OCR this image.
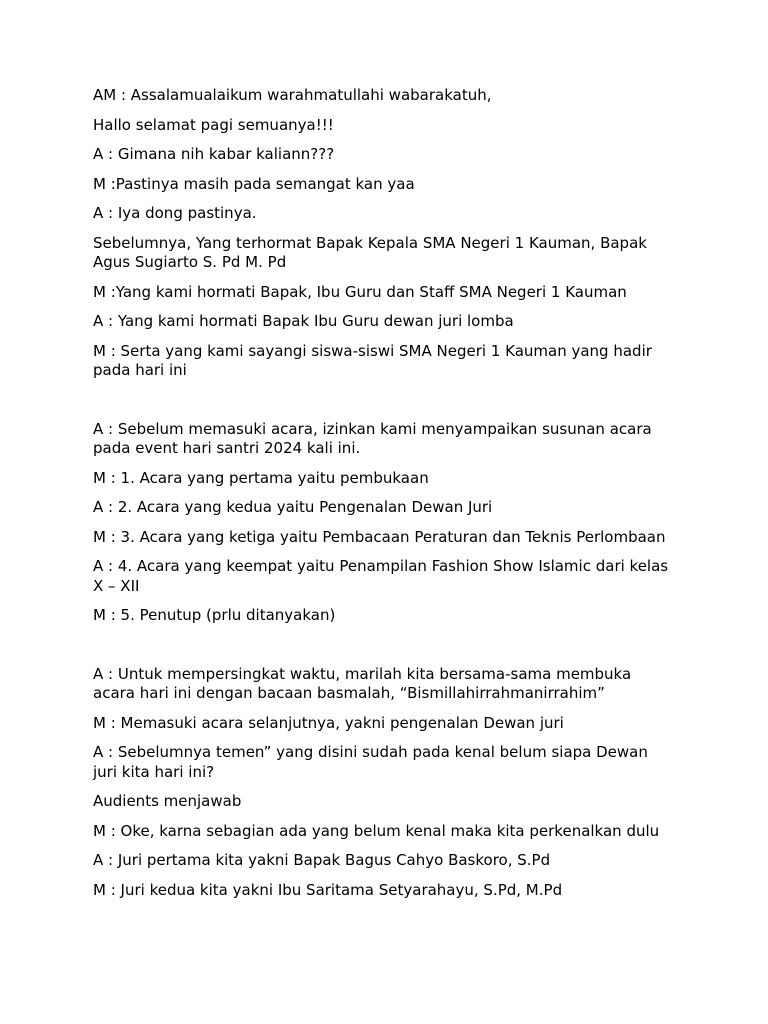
AM : Assalamualaikum warahmatullahi wabarakatuh,

Hallo selamat pagi semuanya!!!

A : Gimana nih kabar kaliann???

M :Pastinya masih pada semangat kan yaa

A : Iya dong pastinya.

Sebelumnya, Yang terhormat Bapak Kepala SMA Negeri 1 Kauman, Bapak Agus Sugiarto S. Pd M. Pd

M :Yang kami hormati Bapak, Ibu Guru dan Staff SMA Negeri 1 Kauman

A : Yang kami hormati Bapak Ibu Guru dewan juri lomba

M : Serta yang kami sayangi siswa-siswi SMA Negeri 1 Kauman yang hadir pada hari ini

A : Sebelum memasuki acara, izinkan kami menyampaikan susunan acara pada event hari santri 2024 kali ini.

M : 1. Acara yang pertama yaitu pembukaan

A : 2. Acara yang kedua yaitu Pengenalan Dewan Juri

M : 3. Acara yang ketiga yaitu Pembacaan Peraturan dan Teknis Perlombaan

A : 4. Acara yang keempat yaitu Penampilan Fashion Show Islamic dari kelas X – XII

M : 5. Penutup (prlu ditanyakan)

A : Untuk mempersingkat waktu, marilah kita bersama-sama membuka acara hari ini dengan bacaan basmalah, “Bismillahirrahmanirrahim”

M : Memasuki acara selanjutnya, yakni pengenalan Dewan juri

A : Sebelumnya temen” yang disini sudah pada kenal belum siapa Dewan juri kita hari ini?

Audients menjawab

M : Oke, karna sebagian ada yang belum kenal maka kita perkenalkan dulu

A : Juri pertama kita yakni Bapak Bagus Cahyo Baskoro, S.Pd

M : Juri kedua kita yakni Ibu Saritama Setyarahayu, S.Pd, M.Pd
